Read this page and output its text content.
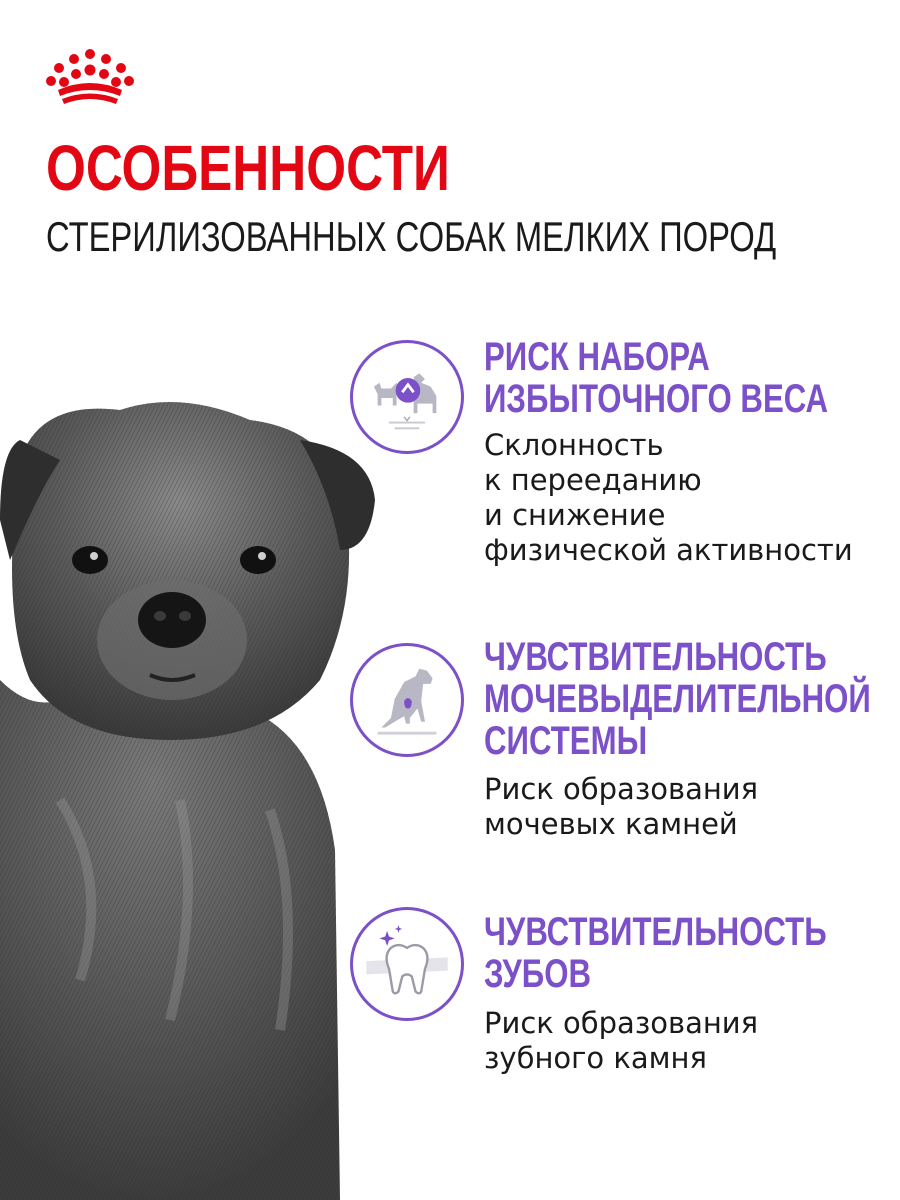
ОСОБЕННОСТИ
СТЕРИЛИЗОВАННЫХ СОБАК МЕЛКИХ ПОРОД
РИСК НАБОРА
ИЗБЫТОЧНОГО ВЕСА
Склонность
к перееданию
и снижение
физической активности
ЧУВСТВИТЕЛЬНОСТЬ
МОЧЕВЫДЕЛИТЕЛЬНОЙ
СИСТЕМЫ
Риск образования
мочевых камней
ЧУВСТВИТЕЛЬНОСТЬ
ЗУБОВ
Риск образования
зубного камня
